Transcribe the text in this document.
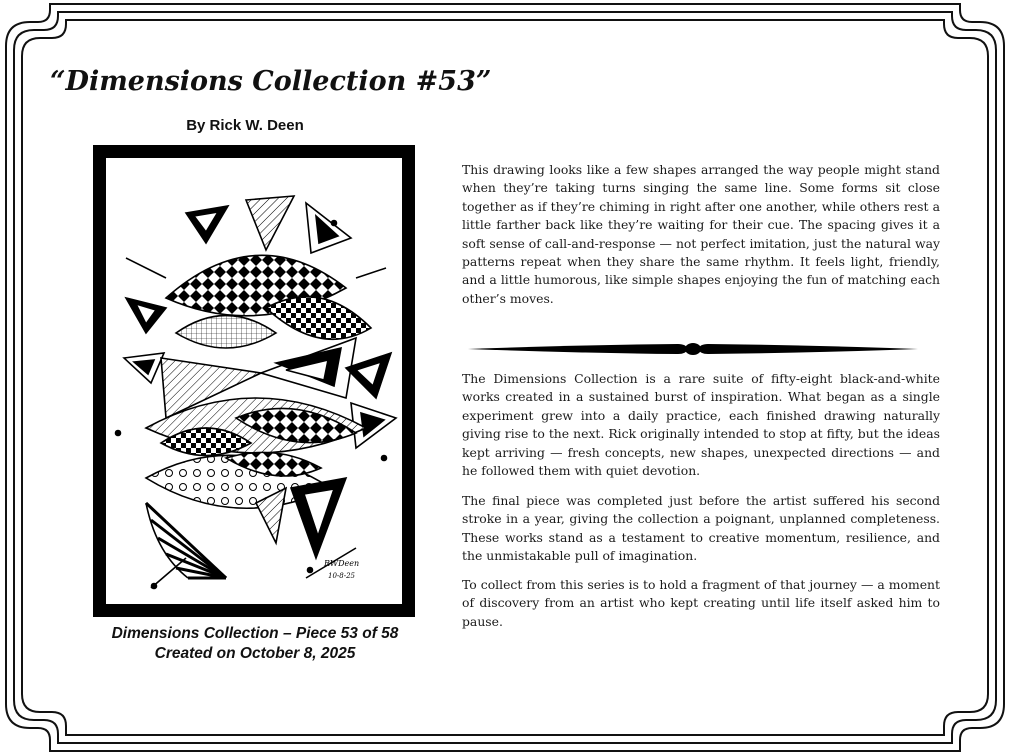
“Dimensions Collection #53”
By Rick W. Deen
RWDeen
10-8-25
Dimensions Collection – Piece 53 of 58
Created on October 8, 2025

This drawing looks like a few shapes arranged the way people might stand when they’re taking turns singing the same line. Some forms sit close together as if they’re chiming in right after one another, while others rest a little farther back like they’re waiting for their cue. The spacing gives it a soft sense of call-and-response — not perfect imitation, just the natural way patterns repeat when they share the same rhythm. It feels light, friendly, and a little humorous, like simple shapes enjoying the fun of matching each other’s moves.

The Dimensions Collection is a rare suite of fifty-eight black-and-white works created in a sustained burst of inspiration. What began as a single experiment grew into a daily practice, each finished drawing naturally giving rise to the next. Rick originally intended to stop at fifty, but the ideas kept arriving — fresh concepts, new shapes, unexpected directions — and he followed them with quiet devotion.

The final piece was completed just before the artist suffered his second stroke in a year, giving the collection a poignant, unplanned completeness. These works stand as a testament to creative momentum, resilience, and the unmistakable pull of imagination.

To collect from this series is to hold a fragment of that journey — a moment of discovery from an artist who kept creating until life itself asked him to pause.
